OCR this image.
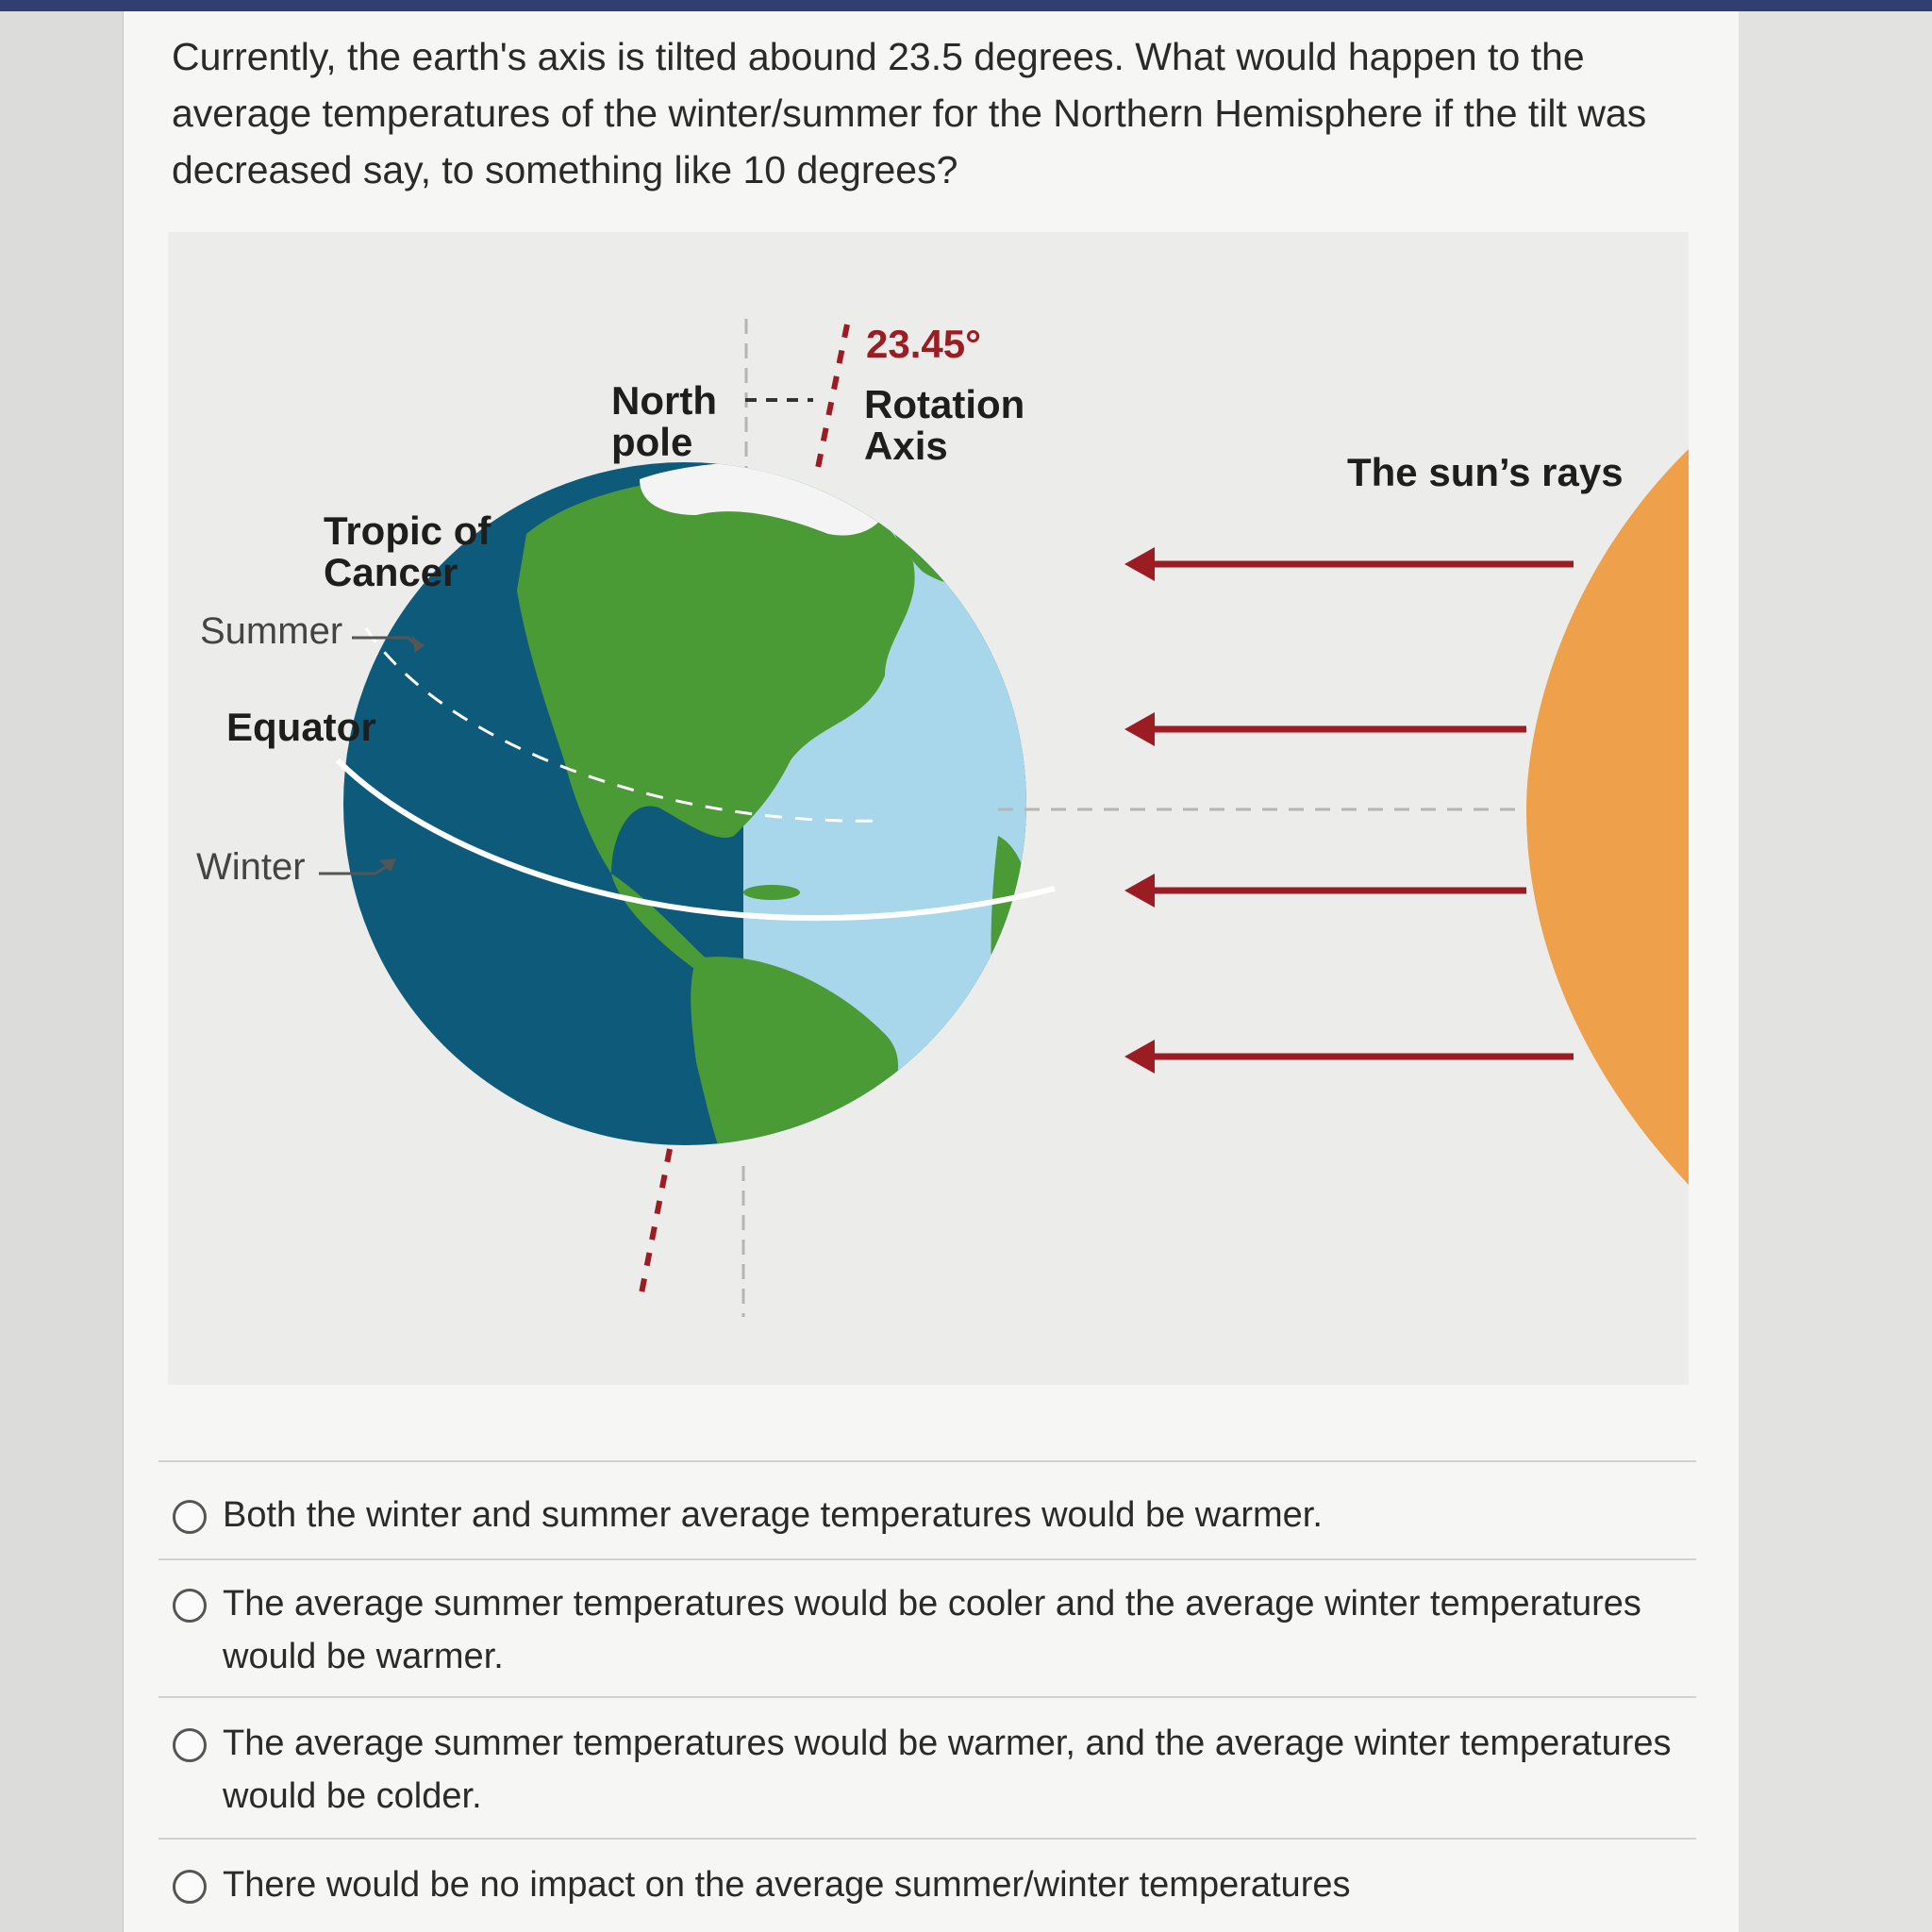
Currently, the earth's axis is tilted abound 23.5 degrees. What would happen to the average temperatures of the winter/summer for the Northern Hemisphere if the tilt was decreased say, to something like 10 degrees?

23.45°
Rotation
Axis
North
pole
Tropic of
Cancer
Summer
Equator
Winter
The sun’s rays
Both the winter and summer average temperatures would be warmer.
The average summer temperatures would be cooler and the average winter temperatures would be warmer.
The average summer temperatures would be warmer, and the average winter temperatures would be colder.
There would be no impact on the average summer/winter temperatures
